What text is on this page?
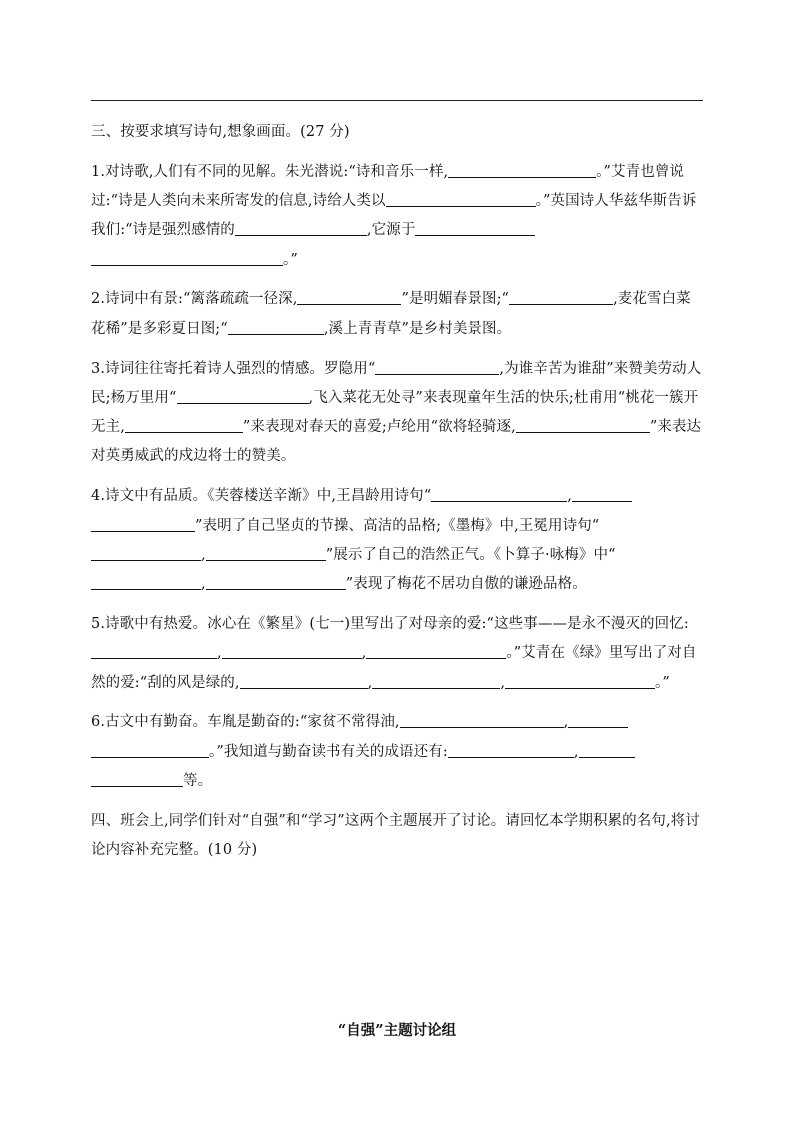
三、按要求填写诗句,想象画面。(27 分)

1.对诗歌,人们有不同的见解。朱光潜说:“诗和音乐一样,	。”艾青也曾说过:“诗是人类向未来所寄发的信息,诗给人类以	。”英国诗人华兹华斯告诉我们:“诗是强烈感情的	,它源于。”

2.诗词中有景:“篱落疏疏一径深,	”是明媚春景图;“	,麦花雪白菜花稀”是多彩夏日图;“	,溪上青青草”是乡村美景图。

3.诗词往往寄托着诗人强烈的情感。罗隐用“	,为谁辛苦为谁甜”来赞美劳动人民;杨万里用“	,飞入菜花无处寻”来表现童年生活的快乐;杜甫用“桃花一簇开无主,	”来表现对春天的喜爱;卢纶用“欲将轻骑逐,	”来表达对英勇威武的戍边将士的赞美。

4.诗文中有品质。《芙蓉楼送辛渐》中,王昌龄用诗句“	,”表明了自己坚贞的节操、高洁的品格;《墨梅》中,王冕用诗句“,	”展示了自己的浩然正气。《卜算子·咏梅》中“,	”表现了梅花不居功自傲的谦逊品格。

5.诗歌中有热爱。冰心在《繁星》(七一)里写出了对母亲的爱:“这些事——是永不漫灭的回忆:,	,	。”艾青在《绿》里写出了对自然的爱:“刮的风是绿的,	,	,	。”

6.古文中有勤奋。车胤是勤奋的:“家贫不常得油,	,。”我知道与勤奋读书有关的成语还有:	,等。

四、班会上,同学们针对“自强”和“学习”这两个主题展开了讨论。请回忆本学期积累的名句,将讨论内容补充完整。(10 分)

“自强”主题讨论组
